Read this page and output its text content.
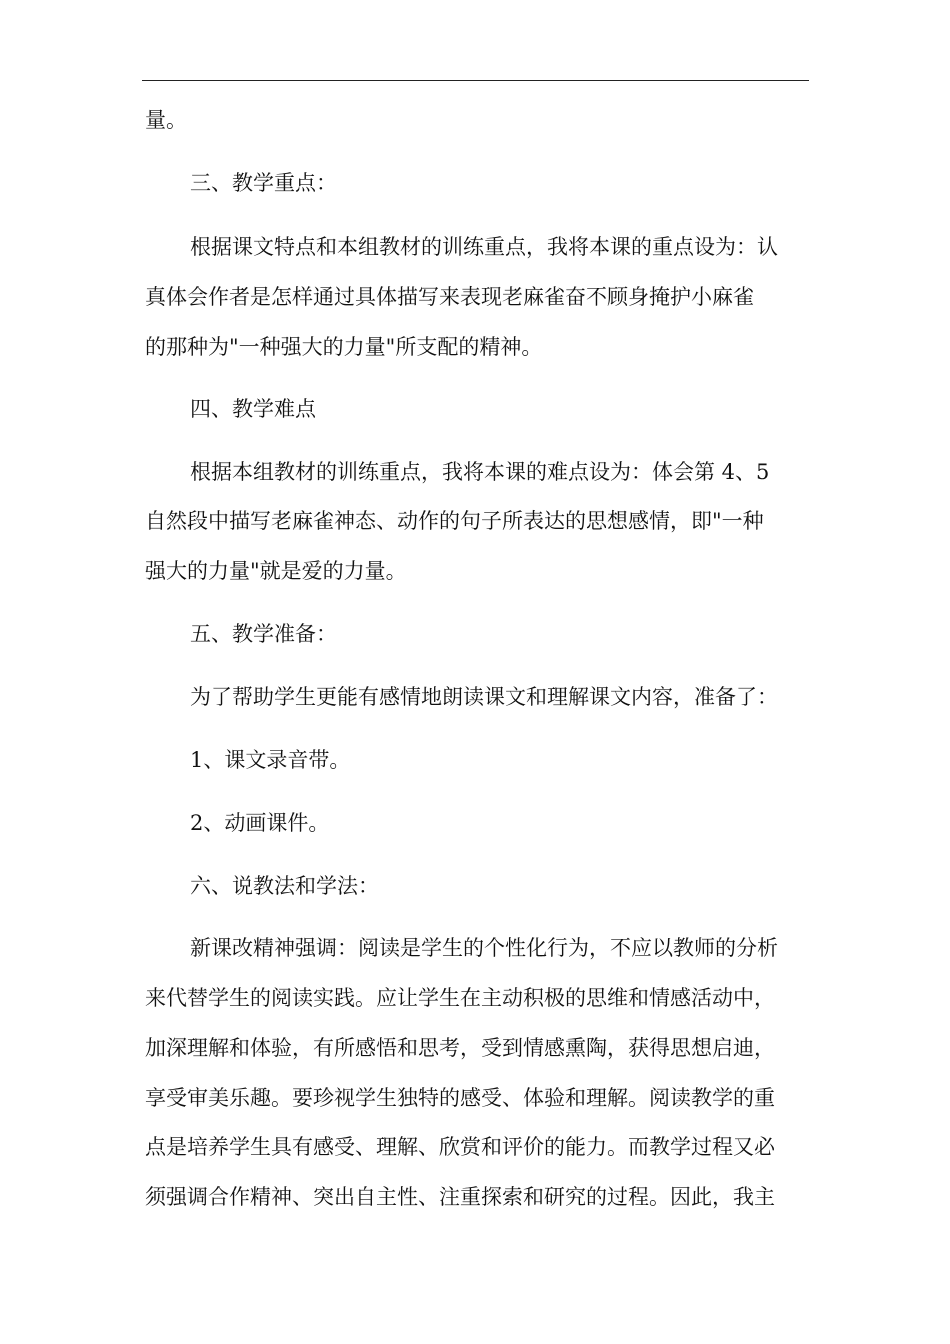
量。
三、教学重点：
根据课文特点和本组教材的训练重点，我将本课的重点设为：认
真体会作者是怎样通过具体描写来表现老麻雀奋不顾身掩护小麻雀
的那种为"一种强大的力量"所支配的精神。
四、教学难点
根据本组教材的训练重点，我将本课的难点设为：体会第 4、5
自然段中描写老麻雀神态、动作的句子所表达的思想感情，即"一种
强大的力量"就是爱的力量。
五、教学准备：
为了帮助学生更能有感情地朗读课文和理解课文内容，准备了：
1、课文录音带。
2、动画课件。
六、说教法和学法：
新课改精神强调：阅读是学生的个性化行为，不应以教师的分析
来代替学生的阅读实践。应让学生在主动积极的思维和情感活动中，
加深理解和体验，有所感悟和思考，受到情感熏陶，获得思想启迪，
享受审美乐趣。要珍视学生独特的感受、体验和理解。阅读教学的重
点是培养学生具有感受、理解、欣赏和评价的能力。而教学过程又必
须强调合作精神、突出自主性、注重探索和研究的过程。因此，我主
